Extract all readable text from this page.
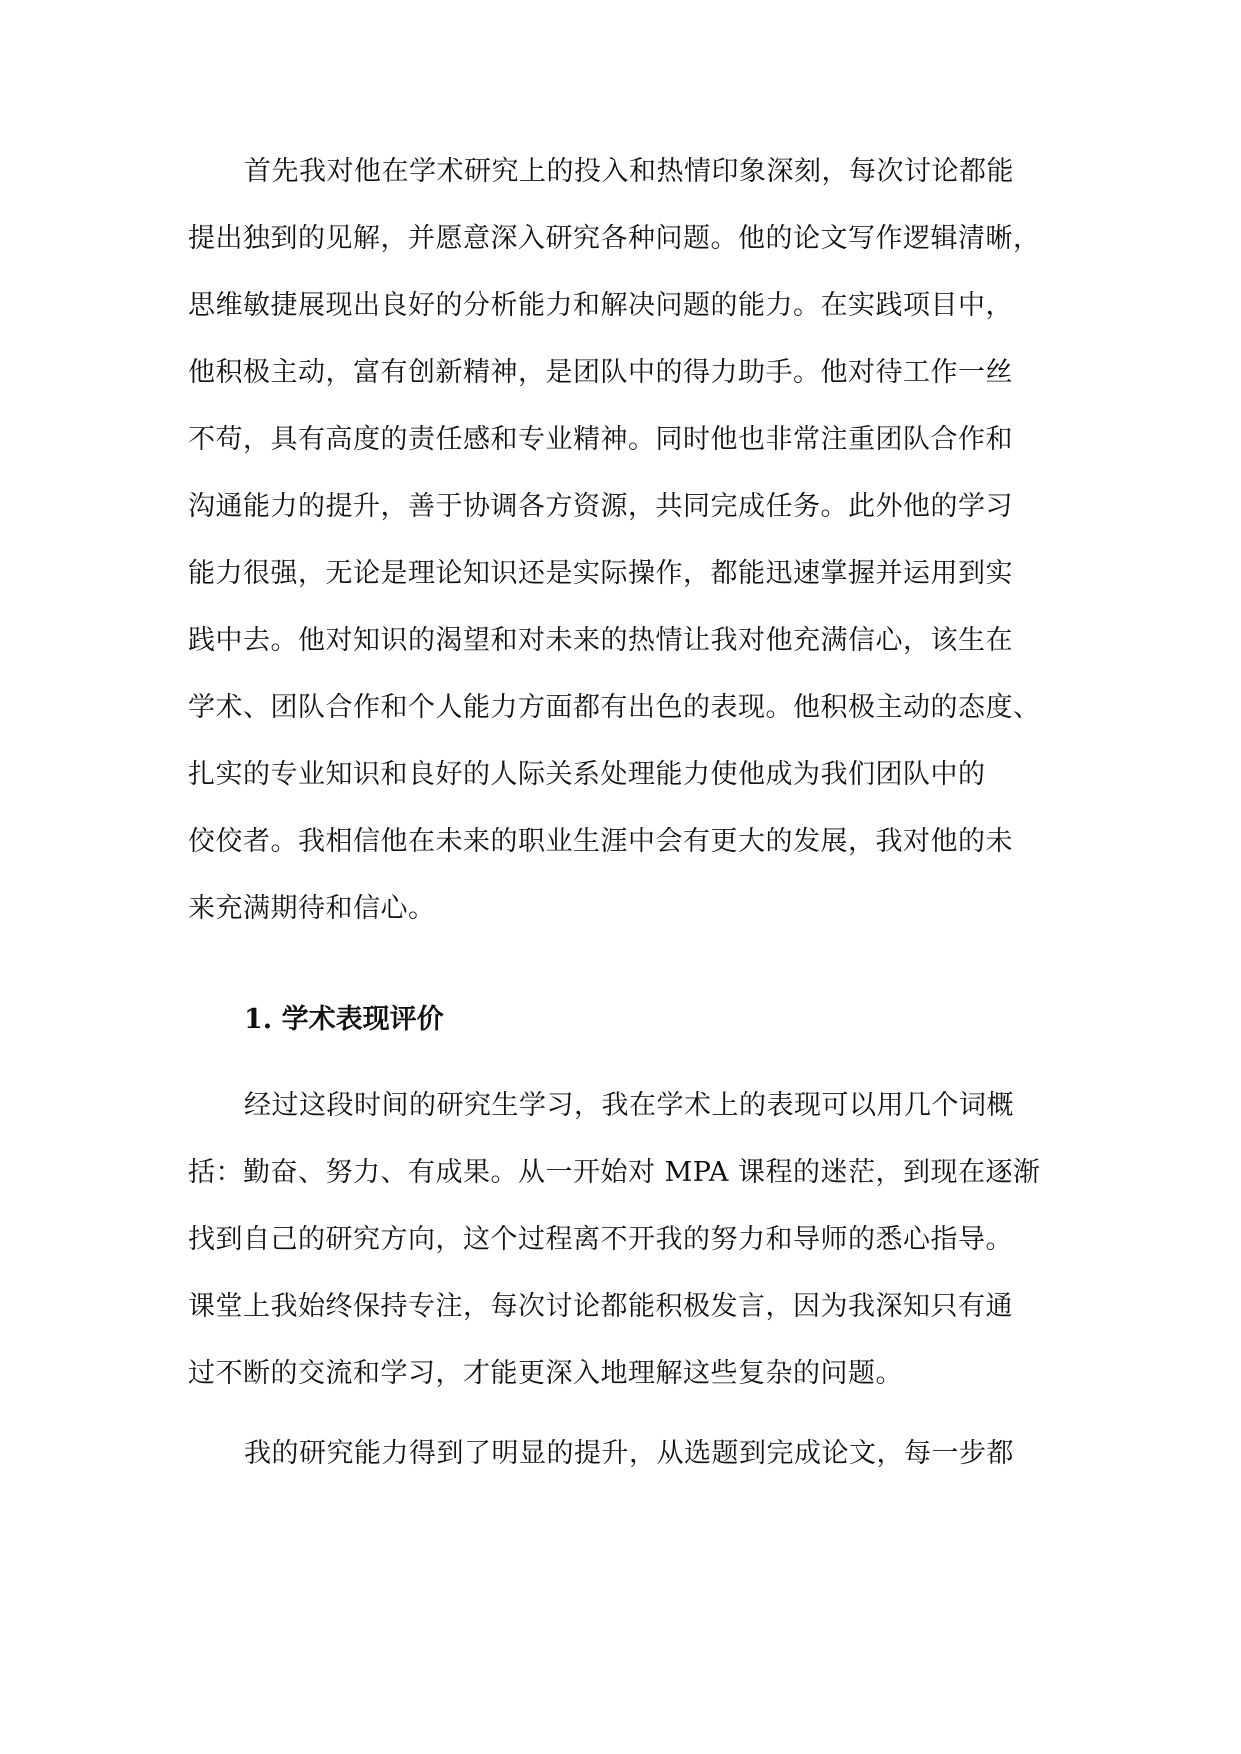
首先我对他在学术研究上的投入和热情印象深刻，每次讨论都能
提出独到的见解，并愿意深入研究各种问题。他的论文写作逻辑清晰，
思维敏捷展现出良好的分析能力和解决问题的能力。在实践项目中，
他积极主动，富有创新精神，是团队中的得力助手。他对待工作一丝
不苟，具有高度的责任感和专业精神。同时他也非常注重团队合作和
沟通能力的提升，善于协调各方资源，共同完成任务。此外他的学习
能力很强，无论是理论知识还是实际操作，都能迅速掌握并运用到实
践中去。他对知识的渴望和对未来的热情让我对他充满信心，该生在
学术、团队合作和个人能力方面都有出色的表现。他积极主动的态度、
扎实的专业知识和良好的人际关系处理能力使他成为我们团队中的
佼佼者。我相信他在未来的职业生涯中会有更大的发展，我对他的未
来充满期待和信心。
1. 学术表现评价
经过这段时间的研究生学习，我在学术上的表现可以用几个词概
括：勤奋、努力、有成果。从一开始对 MPA 课程的迷茫，到现在逐渐
找到自己的研究方向，这个过程离不开我的努力和导师的悉心指导。
课堂上我始终保持专注，每次讨论都能积极发言，因为我深知只有通
过不断的交流和学习，才能更深入地理解这些复杂的问题。
我的研究能力得到了明显的提升，从选题到完成论文，每一步都
